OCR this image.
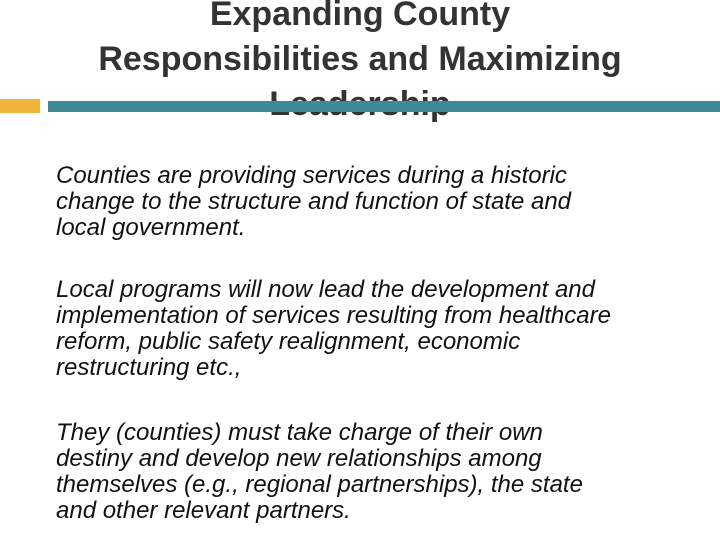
Expanding County
Responsibilities and Maximizing
Counties are providing services during a historic
change to the structure and function of state and
local government.
Local programs will now lead the development and
implementation of services resulting from healthcare
reform, public safety realignment, economic
restructuring etc.,
They (counties) must take charge of their own
destiny and develop new relationships among
themselves (e.g., regional partnerships), the state
and other relevant partners.
